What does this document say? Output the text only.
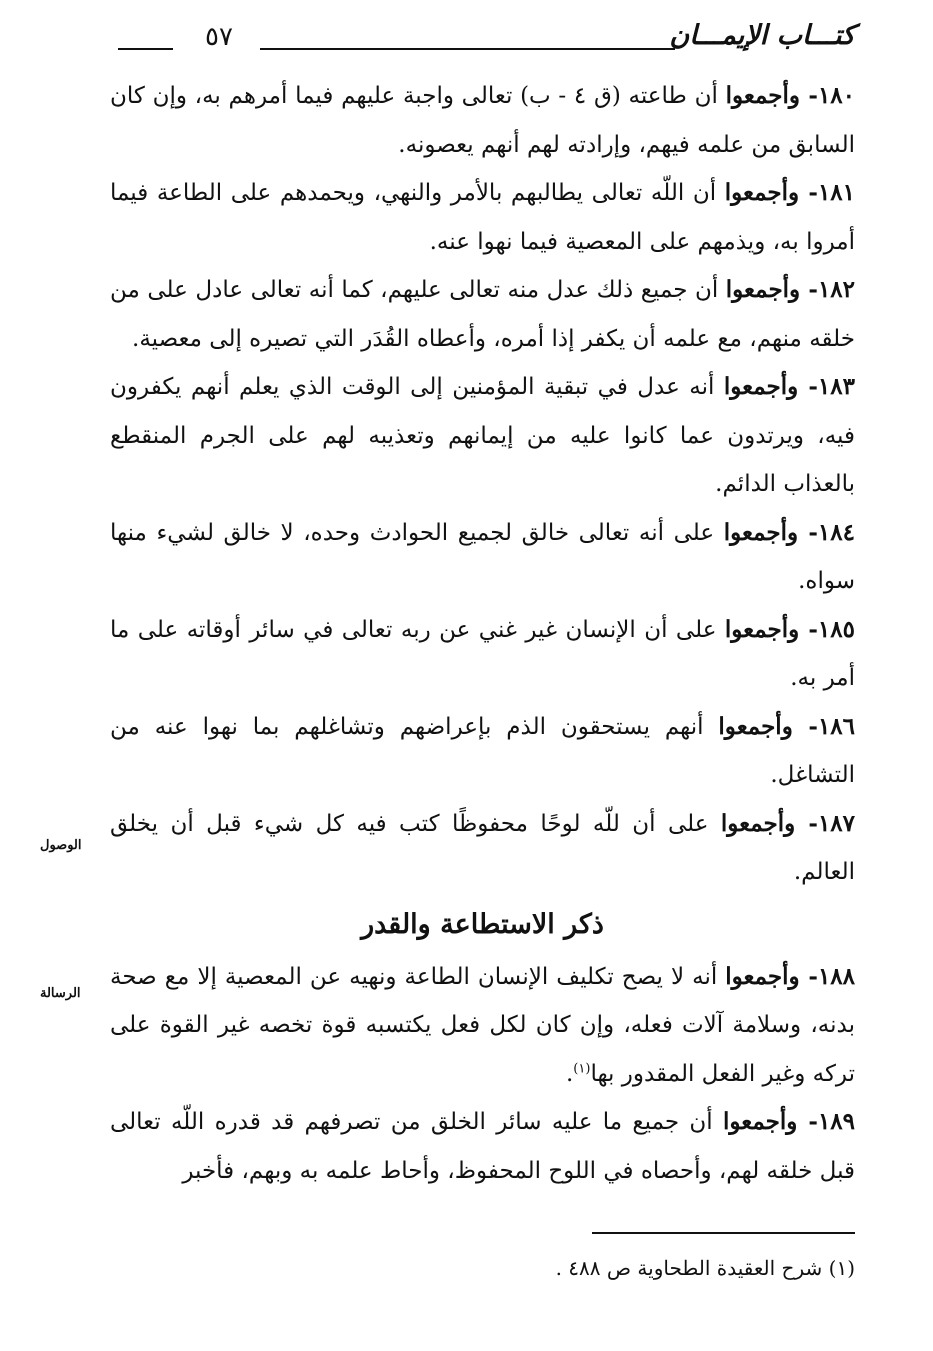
كتـــاب الإيمـــان
٥٧

١٨٠- وأجمعوا أن طاعته (ق ٤ - ب) تعالى واجبة عليهم فيما أمرهم به، وإن كان السابق من علمه فيهم، وإرادته لهم أنهم يعصونه.

١٨١- وأجمعوا أن اللّه تعالى يطالبهم بالأمر والنهي، ويحمدهم على الطاعة فيما أمروا به، ويذمهم على المعصية فيما نهوا عنه.

١٨٢- وأجمعوا أن جميع ذلك عدل منه تعالى عليهم، كما أنه تعالى عادل على من خلقه منهم، مع علمه أن يكفر إذا أمره، وأعطاه القُدَر التي تصيره إلى معصية.

١٨٣- وأجمعوا أنه عدل في تبقية المؤمنين إلى الوقت الذي يعلم أنهم يكفرون فيه، ويرتدون عما كانوا عليه من إيمانهم وتعذيبه لهم على الجرم المنقطع بالعذاب الدائم.

١٨٤- وأجمعوا على أنه تعالى خالق لجميع الحوادث وحده، لا خالق لشيء منها سواه.

١٨٥- وأجمعوا على أن الإنسان غير غني عن ربه تعالى في سائر أوقاته على ما أمر به.

١٨٦- وأجمعوا أنهم يستحقون الذم بإعراضهم وتشاغلهم بما نهوا عنه من التشاغل.

١٨٧- وأجمعوا على أن للّه لوحًا محفوظًا كتب فيه كل شيء قبل أن يخلق العالم.

ذكر الاستطاعة والقدر

١٨٨- وأجمعوا أنه لا يصح تكليف الإنسان الطاعة ونهيه عن المعصية إلا مع صحة بدنه، وسلامة آلات فعله، وإن كان لكل فعل يكتسبه قوة تخصه غير القوة على تركه وغير الفعل المقدور بها$^{(١)}$.

١٨٩- وأجمعوا أن جميع ما عليه سائر الخلق من تصرفهم قد قدره اللّه تعالى قبل خلقه لهم، وأحصاه في اللوح المحفوظ، وأحاط علمه به وبهم، فأخبر

الوصول
الرسالة
(١) شرح العقيدة الطحاوية ص ٤٨٨ .
